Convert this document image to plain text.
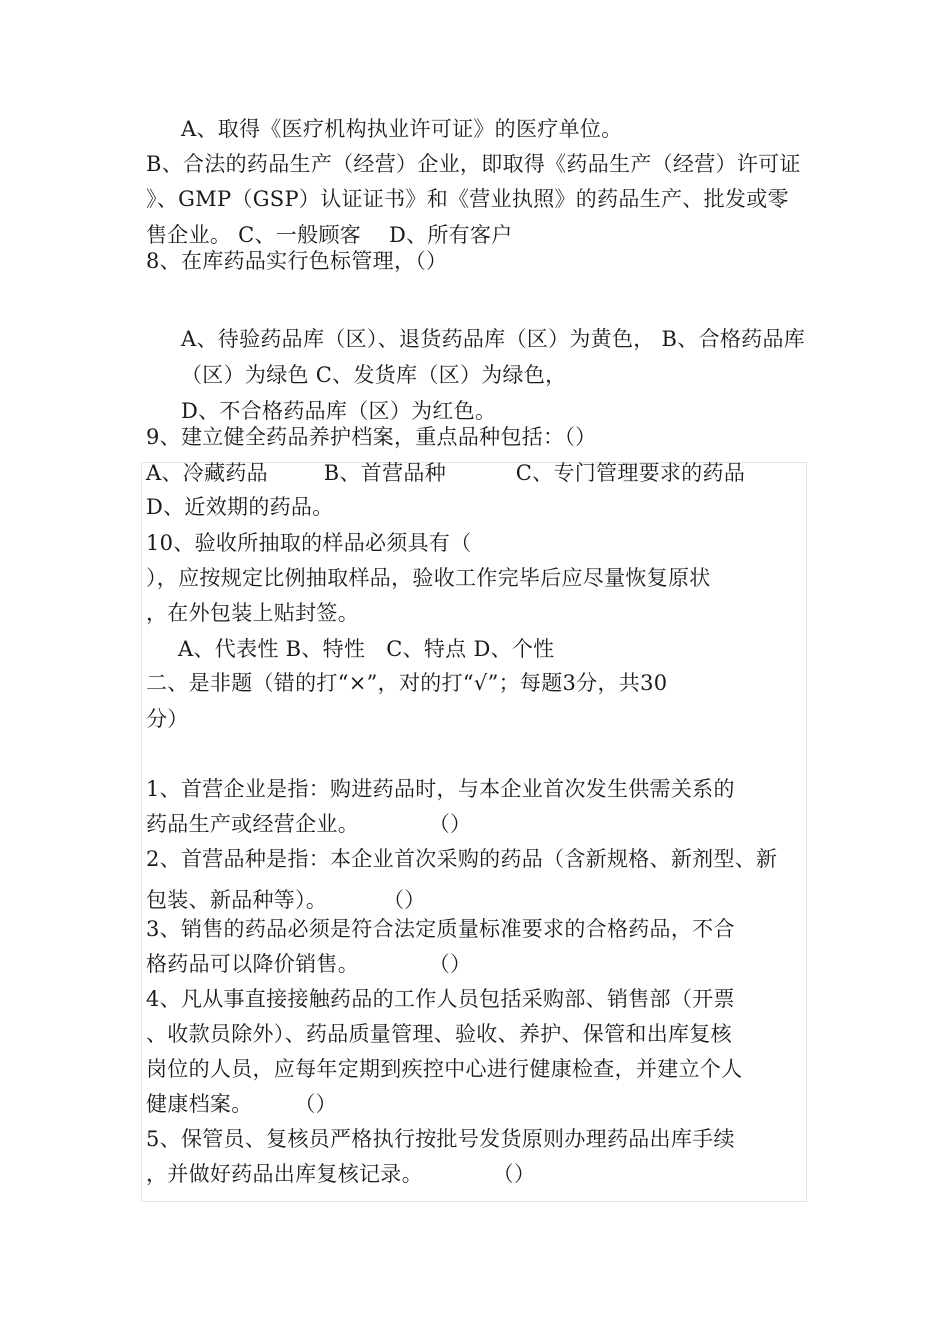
A、取得《医疗机构执业许可证》的医疗单位。
B、合法的药品生产（经营）企业，即取得《药品生产（经营）许可证
》、GMP（GSP）认证证书》和《营业执照》的药品生产、批发或零
售企业。 C、一般顾客    D、所有客户
8、在库药品实行色标管理，（）
A、待验药品库（区）、退货药品库（区）为黄色， B、合格药品库
（区）为绿色 C、发货库（区）为绿色，
D、不合格药品库（区）为红色。
9、建立健全药品养护档案，重点品种包括：（）
A、冷藏药品        B、首营品种          C、专门管理要求的药品
D、近效期的药品。
10、验收所抽取的样品必须具有（
），应按规定比例抽取样品，验收工作完毕后应尽量恢复原状
，在外包装上贴封签。
A、代表性 B、特性   C、特点 D、个性
二、是非题（错的打“×”，对的打“√”；每题3分，共30
分）
1、首营企业是指：购进药品时，与本企业首次发生供需关系的
药品生产或经营企业。          （）
2、首营品种是指：本企业首次采购的药品（含新规格、新剂型、新
包装、新品种等）。        （）
3、销售的药品必须是符合法定质量标准要求的合格药品，不合
格药品可以降价销售。          （）
4、凡从事直接接触药品的工作人员包括采购部、销售部（开票
、收款员除外）、药品质量管理、验收、养护、保管和出库复核
岗位的人员，应每年定期到疾控中心进行健康检查，并建立个人
健康档案。      （）
5、保管员、复核员严格执行按批号发货原则办理药品出库手续
，并做好药品出库复核记录。          （）
